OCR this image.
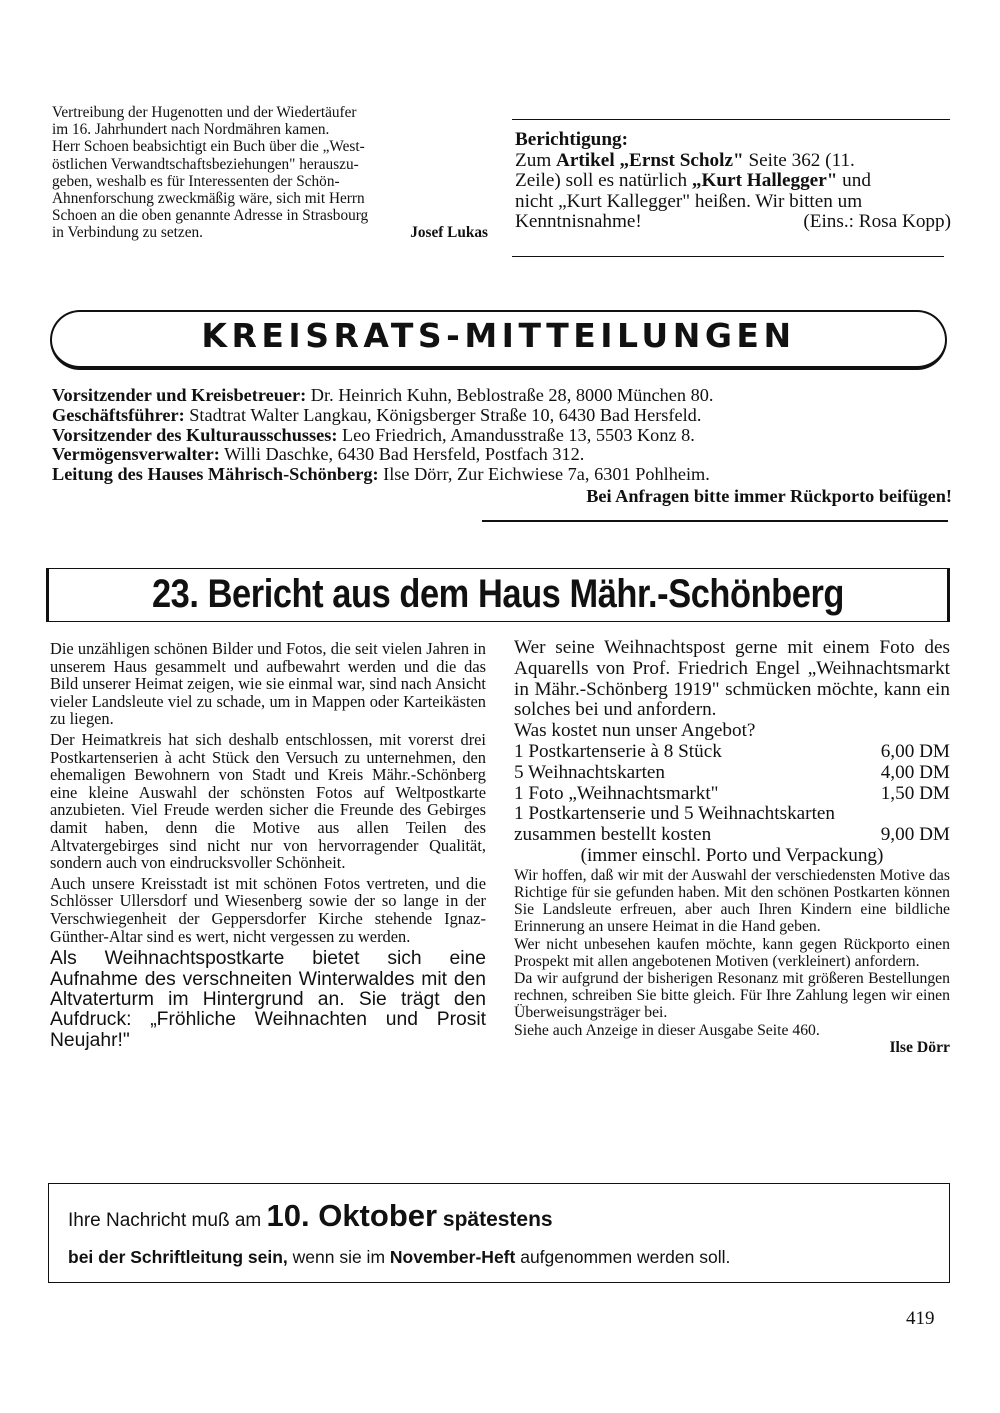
Vertreibung der Hugenotten und der Wiedertäufer
im 16. Jahrhundert nach Nordmähren kamen.
Herr Schoen beabsichtigt ein Buch über die „West-
östlichen Verwandtschaftsbeziehungen" herauszu-
geben, weshalb es für Interessenten der Schön-
Ahnenforschung zweckmäßig wäre, sich mit Herrn
Schoen an die oben genannte Adresse in Strasbourg
in Verbindung zu setzen.	Josef Lukas
Berichtigung:
Zum Artikel „Ernst Scholz" Seite 362 (11.
Zeile) soll es natürlich „Kurt Hallegger" und
nicht „Kurt Kallegger" heißen. Wir bitten um
Kenntnisnahme!	(Eins.: Rosa Kopp)
KREISRATS-MITTEILUNGEN
Vorsitzender und Kreisbetreuer: Dr. Heinrich Kuhn, Beblostraße 28, 8000 München 80.
Geschäftsführer: Stadtrat Walter Langkau, Königsberger Straße 10, 6430 Bad Hersfeld.
Vorsitzender des Kulturausschusses: Leo Friedrich, Amandusstraße 13, 5503 Konz 8.
Vermögensverwalter: Willi Daschke, 6430 Bad Hersfeld, Postfach 312.
Leitung des Hauses Mährisch-Schönberg: Ilse Dörr, Zur Eichwiese 7a, 6301 Pohlheim.
Bei Anfragen bitte immer Rückporto beifügen!
23. Bericht aus dem Haus Mähr.-Schönberg

Die unzähligen schönen Bilder und Fotos, die seit vielen Jahren in unserem Haus gesammelt und aufbewahrt werden und die das Bild unserer Heimat zeigen, wie sie einmal war, sind nach Ansicht vieler Landsleute viel zu schade, um in Mappen oder Karteikästen zu liegen.

Der Heimatkreis hat sich deshalb entschlossen, mit vorerst drei Postkartenserien à acht Stück den Versuch zu unternehmen, den ehemaligen Bewohnern von Stadt und Kreis Mähr.-Schönberg eine kleine Auswahl der schönsten Fotos auf Weltpostkarte anzubieten. Viel Freude werden sicher die Freunde des Gebirges damit haben, denn die Motive aus allen Teilen des Altvatergebirges sind nicht nur von hervorragender Qualität, sondern auch von eindrucksvoller Schönheit.

Auch unsere Kreisstadt ist mit schönen Fotos vertreten, und die Schlösser Ullersdorf und Wiesenberg sowie der so lange in der Verschwiegenheit der Geppersdorfer Kirche stehende Ignaz-Günther-Altar sind es wert, nicht vergessen zu werden.

Als Weihnachtspostkarte bietet sich eine Aufnahme des verschneiten Winterwaldes mit den Altvaterturm im Hintergrund an. Sie trägt den Aufdruck: „Fröhliche Weihnachten und Prosit Neujahr!"

Wer seine Weihnachtspost gerne mit einem Foto des Aquarells von Prof. Friedrich Engel „Weihnachtsmarkt in Mähr.-Schönberg 1919" schmücken möchte, kann ein solches bei und anfordern.

Was kostet nun unser Angebot?

1 Postkartenserie à 8 Stück	6,00 DM
5 Weihnachtskarten	4,00 DM
1 Foto „Weihnachtsmarkt"	1,50 DM
1 Postkartenserie und 5 Weihnachtskarten
zusammen bestellt kosten	9,00 DM
(immer einschl. Porto und Verpackung)

Wir hoffen, daß wir mit der Auswahl der verschiedensten Motive das Richtige für sie gefunden haben. Mit den schönen Postkarten können Sie Landsleute erfreuen, aber auch Ihren Kindern eine bildliche Erinnerung an unsere Heimat in die Hand geben.

Wer nicht unbesehen kaufen möchte, kann gegen Rückporto einen Prospekt mit allen angebotenen Motiven (verkleinert) anfordern.

Da wir aufgrund der bisherigen Resonanz mit größeren Bestellungen rechnen, schreiben Sie bitte gleich. Für Ihre Zahlung legen wir einen Überweisungsträger bei.

Siehe auch Anzeige in dieser Ausgabe Seite 460.

Ilse Dörr
Ihre Nachricht muß am 10. Oktober spätestens
bei der Schriftleitung sein, wenn sie im November-Heft aufgenommen werden soll.
419
